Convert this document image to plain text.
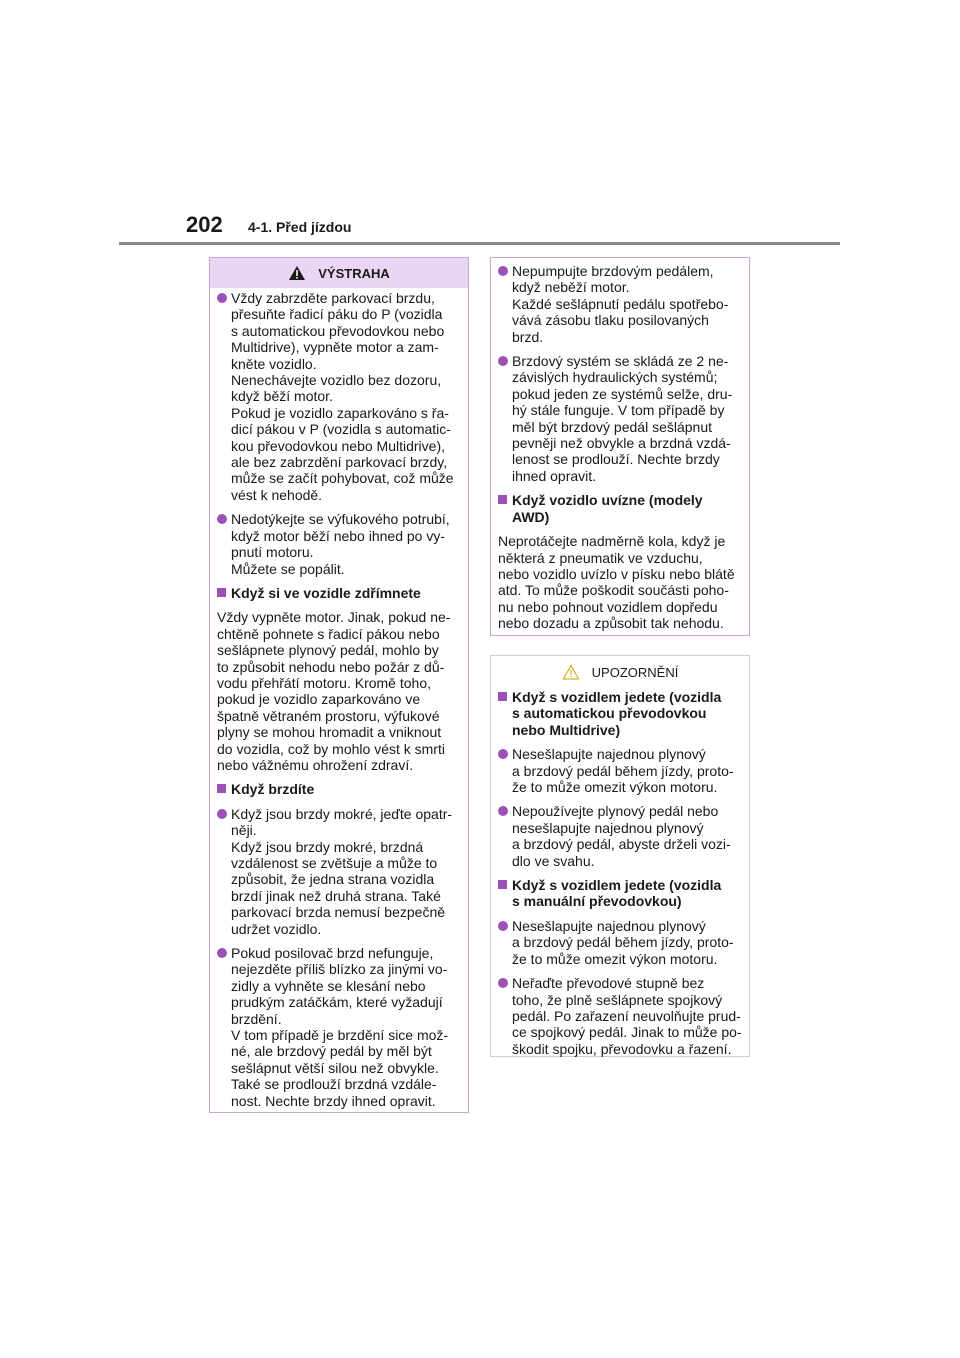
202 4-1. Před jízdou
VÝSTRAHA
Vždy zabrzděte parkovací brzdu,
přesuňte řadicí páku do P (vozidla
s automatickou převodovkou nebo
Multidrive), vypněte motor a zam-
kněte vozidlo.
Nenechávejte vozidlo bez dozoru,
když běží motor.
Pokud je vozidlo zaparkováno s řa-
dicí pákou v P (vozidla s automatic-
kou převodovkou nebo Multidrive),
ale bez zabrzdění parkovací brzdy,
může se začít pohybovat, což může
vést k nehodě.
Nedotýkejte se výfukového potrubí,
když motor běží nebo ihned po vy-
pnutí motoru.
Můžete se popálit.
Když si ve vozidle zdřímnete
Vždy vypněte motor. Jinak, pokud ne-
chtěně pohnete s řadicí pákou nebo
sešlápnete plynový pedál, mohlo by
to způsobit nehodu nebo požár z dů-
vodu přehřátí motoru. Kromě toho,
pokud je vozidlo zaparkováno ve
špatně větraném prostoru, výfukové
plyny se mohou hromadit a vniknout
do vozidla, což by mohlo vést k smrti
nebo vážnému ohrožení zdraví.
Když brzdíte
Když jsou brzdy mokré, jeďte opatr-
něji.
Když jsou brzdy mokré, brzdná
vzdálenost se zvětšuje a může to
způsobit, že jedna strana vozidla
brzdí jinak než druhá strana. Také
parkovací brzda nemusí bezpečně
udržet vozidlo.
Pokud posilovač brzd nefunguje,
nejezděte příliš blízko za jinými vo-
zidly a vyhněte se klesání nebo
prudkým zatáčkám, které vyžadují
brzdění.
V tom případě je brzdění sice mož-
né, ale brzdový pedál by měl být
sešlápnut větší silou než obvykle.
Také se prodlouží brzdná vzdále-
nost. Nechte brzdy ihned opravit.
Nepumpujte brzdovým pedálem,
když neběží motor.
Každé sešlápnutí pedálu spotřebo-
vává zásobu tlaku posilovaných
brzd.
Brzdový systém se skládá ze 2 ne-
závislých hydraulických systémů;
pokud jeden ze systémů selže, dru-
hý stále funguje. V tom případě by
měl být brzdový pedál sešlápnut
pevněji než obvykle a brzdná vzdá-
lenost se prodlouží. Nechte brzdy
ihned opravit.
Když vozidlo uvízne (modely
AWD)
Neprotáčejte nadměrně kola, když je
některá z pneumatik ve vzduchu,
nebo vozidlo uvízlo v písku nebo blátě
atd. To může poškodit součásti poho-
nu nebo pohnout vozidlem dopředu
nebo dozadu a způsobit tak nehodu.
UPOZORNĚNÍ
Když s vozidlem jedete (vozidla
s automatickou převodovkou
nebo Multidrive)
Nesešlapujte najednou plynový
a brzdový pedál během jízdy, proto-
že to může omezit výkon motoru.
Nepoužívejte plynový pedál nebo
nesešlapujte najednou plynový
a brzdový pedál, abyste drželi vozi-
dlo ve svahu.
Když s vozidlem jedete (vozidla
s manuální převodovkou)
Nesešlapujte najednou plynový
a brzdový pedál během jízdy, proto-
že to může omezit výkon motoru.
Neřaďte převodové stupně bez
toho, že plně sešlápnete spojkový
pedál. Po zařazení neuvolňujte prud-
ce spojkový pedál. Jinak to může po-
škodit spojku, převodovku a řazení.
